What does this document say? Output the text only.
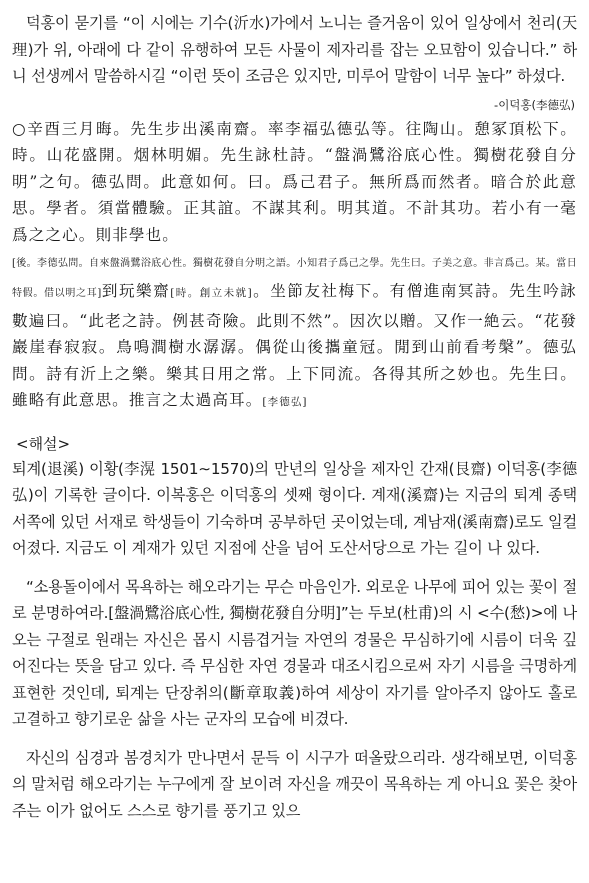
덕홍이 묻기를 “이 시에는 기수(沂水)가에서 노니는 즐거움이 있어 일상에서 천리(天理)가 위, 아래에 다 같이 유행하여 모든 사물이 제자리를 잡는 오묘함이 있습니다.” 하니 선생께서 말씀하시길 “이런 뜻이 조금은 있지만, 미루어 말함이 너무 높다” 하셨다.

-이덕홍(李德弘)

○辛酉三月晦。先生步出溪南齋。率李福弘德弘等。往陶山。憩冢頂松下。時。山花盛開。烟林明媚。先生詠杜詩。“盤渦鷺浴底心性。獨樹花發自分明”之句。德弘問。此意如何。曰。爲己君子。無所爲而然者。暗合於此意思。學者。須當體驗。正其誼。不謀其利。明其道。不計其功。若小有一毫爲之之心。則非學也。
[後。李德弘問。自來盤渦鷺浴底心性。獨樹花發自分明之語。小知君子爲己之學。先生曰。子美之意。非言爲己。某。當日特假。借以明之耳]到玩樂齋[時。創立未就]。坐節友社梅下。有僧進南冥詩。先生吟詠數遍曰。“此老之詩。例甚奇險。此則不然”。因次以贈。又作一絶云。“花發巖崖春寂寂。鳥鳴澗樹水潺潺。偶從山後攜童冠。閒到山前看考槃”。德弘問。詩有沂上之樂。樂其日用之常。上下同流。各得其所之妙也。先生曰。雖略有此意思。推言之太過高耳。[李德弘]

<해설>

퇴계(退溪) 이황(李滉 1501∼1570)의 만년의 일상을 제자인 간재(艮齋) 이덕홍(李德弘)이 기록한 글이다. 이복홍은 이덕홍의 셋째 형이다. 계재(溪齋)는 지금의 퇴계 종택 서쪽에 있던 서재로 학생들이 기숙하며 공부하던 곳이었는데, 계남재(溪南齋)로도 일컬어졌다. 지금도 이 계재가 있던 지점에 산을 넘어 도산서당으로 가는 길이 나 있다.

“소용돌이에서 목욕하는 해오라기는 무슨 마음인가. 외로운 나무에 피어 있는 꽃이 절로 분명하여라.[盤渦鷺浴底心性, 獨樹花發自分明]”는 두보(杜甫)의 시 <수(愁)>에 나오는 구절로 원래는 자신은 몹시 시름겹거늘 자연의 경물은 무심하기에 시름이 더욱 깊어진다는 뜻을 담고 있다. 즉 무심한 자연 경물과 대조시킴으로써 자기 시름을 극명하게 표현한 것인데, 퇴계는 단장취의(斷章取義)하여 세상이 자기를 알아주지 않아도 홀로 고결하고 향기로운 삶을 사는 군자의 모습에 비겼다.

자신의 심경과 봄경치가 만나면서 문득 이 시구가 떠올랐으리라. 생각해보면, 이덕홍의 말처럼 해오라기는 누구에게 잘 보이려 자신을 깨끗이 목욕하는 게 아니요 꽃은 찾아주는 이가 없어도 스스로 향기를 풍기고 있으
